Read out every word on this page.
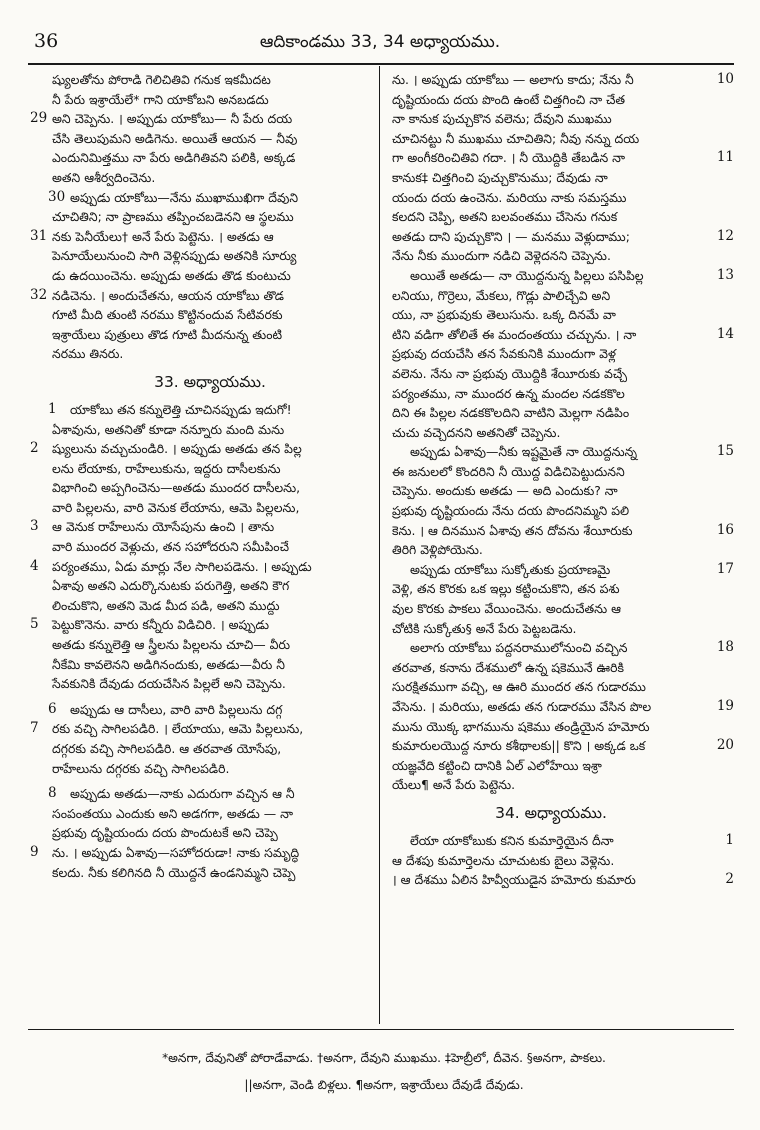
36	ఆదికాండము 33, 34 అధ్యాయము.
ష్యులతోను పోరాడి గెలిచితివి గనుక ఇకమీదట
నీ పేరు ఇశ్రాయేలే* గాని యాకోబని అనబడదు
అని చెప్పెను. । అప్పుడు యాకోబు— నీ పేరు దయ
29
చేసి తెలుపుమని అడిగెను. అయితే ఆయన — నీవు
ఎందునిమిత్తము నా పేరు అడిగితివని పలికి, అక్కడ
అతని ఆశీర్వదించెను.
అప్పుడు యాకోబు—నేను ముఖాముఖిగా దేవుని
30
చూచితిని; నా ప్రాణము తప్పించబడెనని ఆ స్థలము
నకు పెనీయేలు† అనే పేరు పెట్టెను. । అతడు ఆ
31
పెనూయేలునుంచి సాగి వెళ్లినప్పుడు అతనికి సూర్యు
డు ఉదయించెను. అప్పుడు అతడు తొడ కుంటుచు
నడిచెను. । అందుచేతను, ఆయన యాకోబు తొడ
32
గూటి మీది తుంటి నరము కొట్టినందువ సేటివరకు
ఇశ్రాయేలు పుత్రులు తొడ గూటి మీదనున్న తుంటి
నరము తినరు.
33. అధ్యాయము.
యాకోబు తన కన్నులెత్తి చూచినప్పుడు ఇదుగో!
1
ఏశావును, అతనితో కూడా నన్నూరు మంది మను
ష్యులును వచ్చుచుండిరి. । అప్పుడు అతడు తన పిల్ల
2
లను లేయాకు, రాహేలుకును, ఇద్దరు దాసీలకును
విభాగించి అప్పగించెను—అతడు ముందర దాసీలను,
వారి పిల్లలను, వారి వెనుక లేయాను, ఆమె పిల్లలను,
ఆ వెనుక రాహేలును యోసేపును ఉంచి । తాను
3
వారి ముందర వెళ్లుచు, తన సహోదరుని సమీపించే
పర్యంతము, ఏడు మార్లు నేల సాగిలపడెను. । అప్పుడు
4
ఏశావు అతని ఎదుర్కొనుటకు పరుగెత్తి, అతని కౌగ
లించుకొని, అతని మెడ మీద పడి, అతని ముద్దు
పెట్టుకొనెను. వారు కన్నీరు విడిచిరి. । అప్పుడు
5
అతడు కన్నులెత్తి ఆ స్త్రీలను పిల్లలను చూచి— వీరు
నీకేమి కావలెనని అడిగినందుకు, అతడు—వీరు నీ
సేవకునికి దేవుడు దయచేసిన పిల్లలే అని చెప్పెను.
అప్పుడు ఆ దాసీలు, వారి వారి పిల్లలును దగ్గ
6
రకు వచ్చి సాగిలపడిరి. । లేయాయు, ఆమె పిల్లలును,
7
దగ్గరకు వచ్చి సాగిలపడిరి. ఆ తరవాత యోసేపు,
రాహేలును దగ్గరకు వచ్చి సాగిలపడిరి.
అప్పుడు అతడు—నాకు ఎదురుగా వచ్చిన ఆ నీ
8
సంపంతయు ఎందుకు అని అడగగా, అతడు — నా
ప్రభువు దృష్టియందు దయ పొందుటకే అని చెప్పె
ను. । అప్పుడు ఏశావు—సహోదరుడా! నాకు సమృద్ధి
9
కలదు. నీకు కలిగినది నీ యొద్దనే ఉండనిమ్మని చెప్పె
ను. । అప్పుడు యాకోబు — అలాగు కాదు; నేను నీ	10
దృష్టియందు దయ పొంది ఉంటే చిత్తగించి నా చేత
నా కానుక పుచ్చుకొన వలెను; దేవుని ముఖము
చూచినట్టు నీ ముఖము చూచితిని; నీవు నన్ను దయ
గా అంగీకరించితివి గదా. । నీ యొద్దికి తేబడిన నా	11
కానుక‡ చిత్తగించి పుచ్చుకొనుము; దేవుడు నా
యందు దయ ఉంచెను. మరియు నాకు సమస్తము
కలదని చెప్పి, అతని బలవంతము చేసెను గనుక
అతడు దాని పుచ్చుకొని । — మనము వెళ్లుదాము;	12
నేను నీకు ముందుగా నడిచి వెళ్లెదనని చెప్పెను.
అయితే అతడు— నా యొద్దనున్న పిల్లలు పసిపిల్ల	13
లనియు, గొర్రెలు, మేకలు, గొడ్లు పాలిచ్చేవి అని
యు, నా ప్రభువుకు తెలుసును. ఒక్క దినమే వా
టిని వడిగా తోలితే ఈ మందంతయు చచ్చును. । నా	14
ప్రభువు దయచేసి తన సేవకునికి ముందుగా వెళ్ల
వలెను. నేను నా ప్రభువు యొద్దికి శేయీరుకు వచ్చే
పర్యంతము, నా ముందర ఉన్న మందల నడకకొల
దిని ఈ పిల్లల నడకకొలదిని వాటిని మెల్లగా నడిపిం
చుచు వచ్చెదనని అతనితో చెప్పెను.
అప్పుడు ఏశావు—నీకు ఇష్టమైతే నా యొద్దనున్న	15
ఈ జనులలో కొందరిని నీ యొద్ద విడిచిపెట్టుదునని
చెప్పెను. అందుకు అతడు — అది ఎందుకు? నా
ప్రభువు దృష్టియందు నేను దయ పొందనిమ్మని పలి
కెను. । ఆ దినమున ఏశావు తన దోవను శేయీరుకు	16
తిరిగి వెళ్లిపోయెను.
అప్పుడు యాకోబు సుక్కోతుకు ప్రయాణమై	17
వెళ్లి, తన కొరకు ఒక ఇల్లు కట్టించుకొని, తన పశు
వుల కొరకు పాకలు వేయించెను. అందుచేతను ఆ
చోటికి సుక్కోతు§ అనే పేరు పెట్టబడెను.
అలాగు యాకోబు పద్దనరాములోనుంచి వచ్చిన	18
తరవాత, కనాను దేశములో ఉన్న షకెమునే ఊరికి
సురక్షితముగా వచ్చి, ఆ ఊరి ముందర తన గుడారము
వేసెను. । మరియు, అతడు తన గుడారము వేసిన పొల	19
మును యొక్క భాగమును షకెము తండ్రియైన హమోరు
కుమారులయొద్ద నూరు కశీథాలకు|| కొని । అక్కడ ఒక	20
యజ్ఞవేది కట్టించి దానికి ఏల్ ఎలోహేయి ఇశ్రా
యేలు¶ అనే పేరు పెట్టెను.
34. అధ్యాయము.
లేయా యాకోబుకు కనిన కుమార్తెయైన దీనా	1
ఆ దేశపు కుమార్తెలను చూచుటకు బైలు వెళ్లెను.
। ఆ దేశము ఏలిన హివ్వీయుడైన హమోరు కుమారు	2
*అనగా, దేవునితో పోరాడేవాడు. †అనగా, దేవుని ముఖము. ‡హెబ్రీలో, దీవెన. §అనగా, పాకలు.
||అనగా, వెండి బిళ్లలు. ¶అనగా, ఇశ్రాయేలు దేవుడే దేవుడు.
